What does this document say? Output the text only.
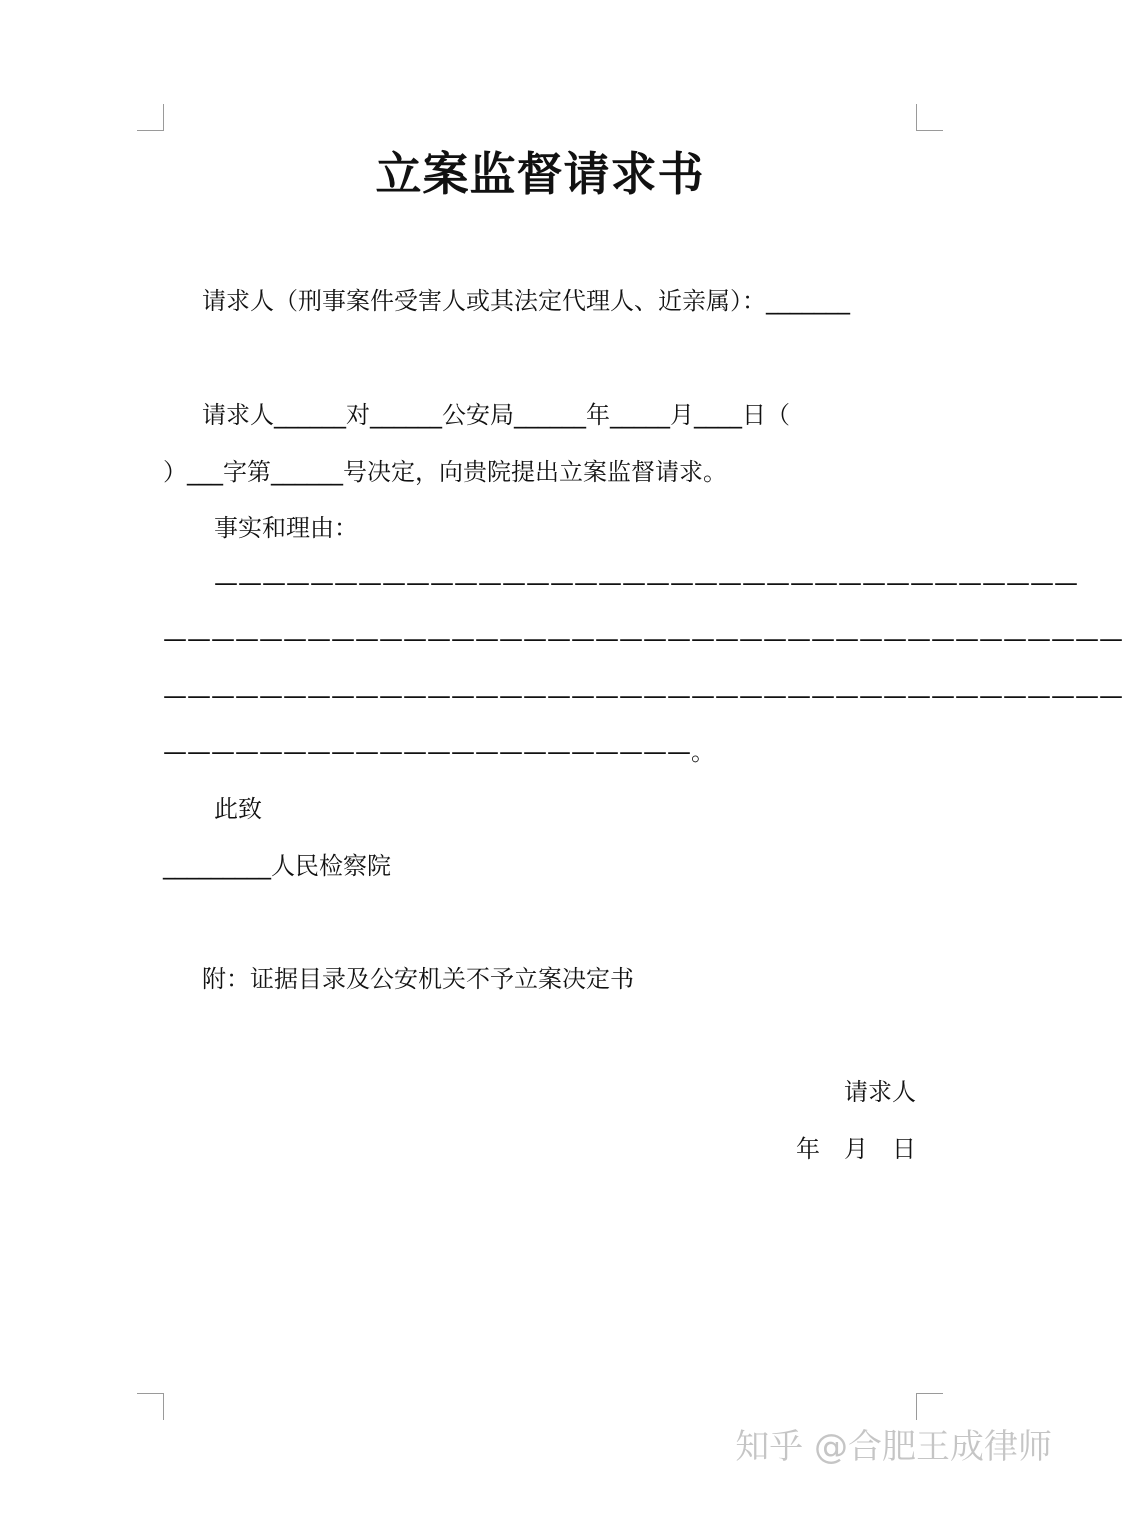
立案监督请求书
请求人（刑事案件受害人或其法定代理人、近亲属）：_______
请求人______对______公安局______年_____月____日（
）___字第______号决定，向贵院提出立案监督请求。
事实和理由：
————————————————————————————————————
————————————————————————————————————————
————————————————————————————————————————
——————————————————————。
此致
_________人民检察院
附：证据目录及公安机关不予立案决定书
请求人
年　月　日
知乎 @合肥王成律师
